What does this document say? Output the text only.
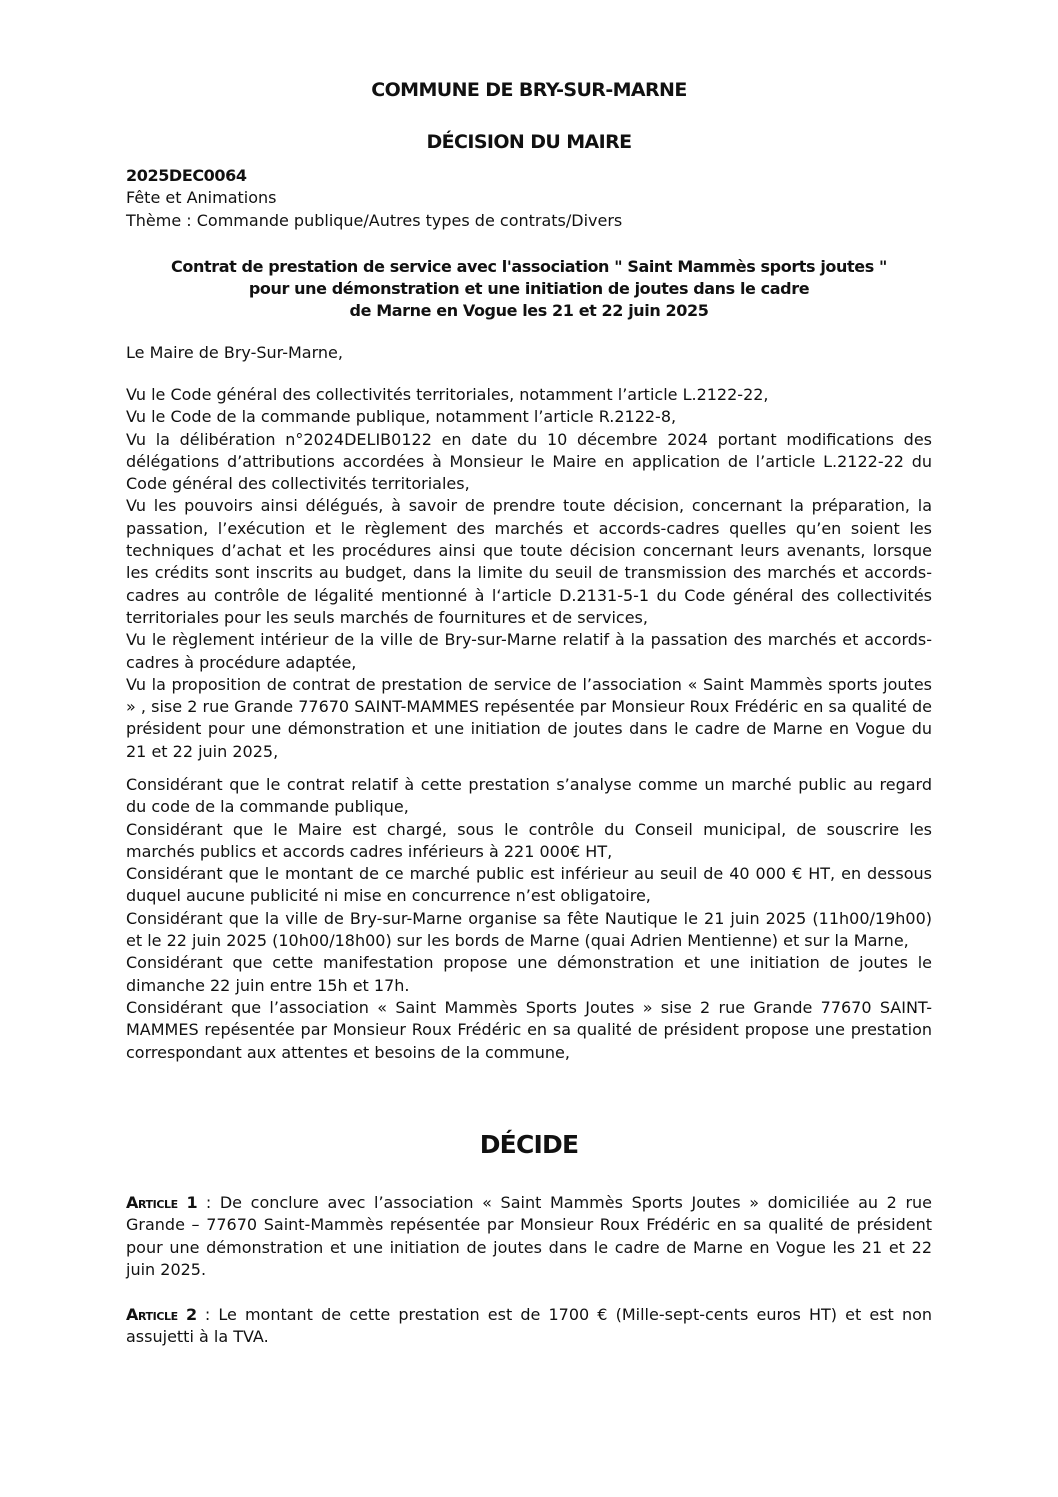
COMMUNE DE BRY-SUR-MARNE
DÉCISION DU MAIRE

2025DEC0064

Fête et Animations

Thème : Commande publique/Autres types de contrats/Divers

Contrat de prestation de service avec l'association " Saint Mammès sports joutes "

pour une démonstration et une initiation de joutes dans le cadre

de Marne en Vogue les 21 et 22 juin 2025

Le Maire de Bry-Sur-Marne,

Vu le Code général des collectivités territoriales, notamment l’article L.2122-22,

Vu le Code de la commande publique, notamment l’article R.2122-8,

Vu la délibération n°2024DELIB0122 en date du 10 décembre 2024 portant modifications des délégations d’attributions accordées à Monsieur le Maire en application de l’article L.2122-22 du Code général des collectivités territoriales,

Vu les pouvoirs ainsi délégués, à savoir de prendre toute décision, concernant la préparation, la passation, l’exécution et le règlement des marchés et accords-cadres quelles qu’en soient les techniques d’achat et les procédures ainsi que toute décision concernant leurs avenants, lorsque les crédits sont inscrits au budget, dans la limite du seuil de transmission des marchés et accords-cadres au contrôle de légalité mentionné à l‘article D.2131-5-1 du Code général des collectivités territoriales pour les seuls marchés de fournitures et de services,

Vu le règlement intérieur de la ville de Bry-sur-Marne relatif à la passation des marchés et accords-cadres à procédure adaptée,

Vu la proposition de contrat de prestation de service de l’association « Saint Mammès sports joutes » , sise 2 rue Grande 77670 SAINT-MAMMES repésentée par Monsieur Roux Frédéric en sa qualité de président pour une démonstration et une initiation de joutes dans le cadre de Marne en Vogue du 21 et 22 juin 2025,

Considérant que le contrat relatif à cette prestation s’analyse comme un marché public au regard du code de la commande publique,

Considérant que le Maire est chargé, sous le contrôle du Conseil municipal, de souscrire les marchés publics et accords cadres inférieurs à 221 000€ HT,

Considérant que le montant de ce marché public est inférieur au seuil de 40 000 € HT, en dessous duquel aucune publicité ni mise en concurrence n’est obligatoire,

Considérant que la ville de Bry-sur-Marne organise sa fête Nautique le 21 juin 2025 (11h00/19h00) et le 22 juin 2025 (10h00/18h00) sur les bords de Marne (quai Adrien Mentienne) et sur la Marne,

Considérant que cette manifestation propose une démonstration et une initiation de joutes le dimanche 22 juin entre 15h et 17h.

Considérant que l’association « Saint Mammès Sports Joutes » sise 2 rue Grande 77670 SAINT-MAMMES repésentée par Monsieur Roux Frédéric en sa qualité de président propose une prestation correspondant aux attentes et besoins de la commune,

DÉCIDE
Article 1 : De conclure avec l’association « Saint Mammès Sports Joutes » domiciliée au 2 rue Grande – 77670 Saint-Mammès repésentée par Monsieur Roux Frédéric en sa qualité de président pour une démonstration et une initiation de joutes dans le cadre de Marne en Vogue les 21 et 22 juin 2025.
Article 2 : Le montant de cette prestation est de 1700 € (Mille-sept-cents euros HT) et est non assujetti à la TVA.
